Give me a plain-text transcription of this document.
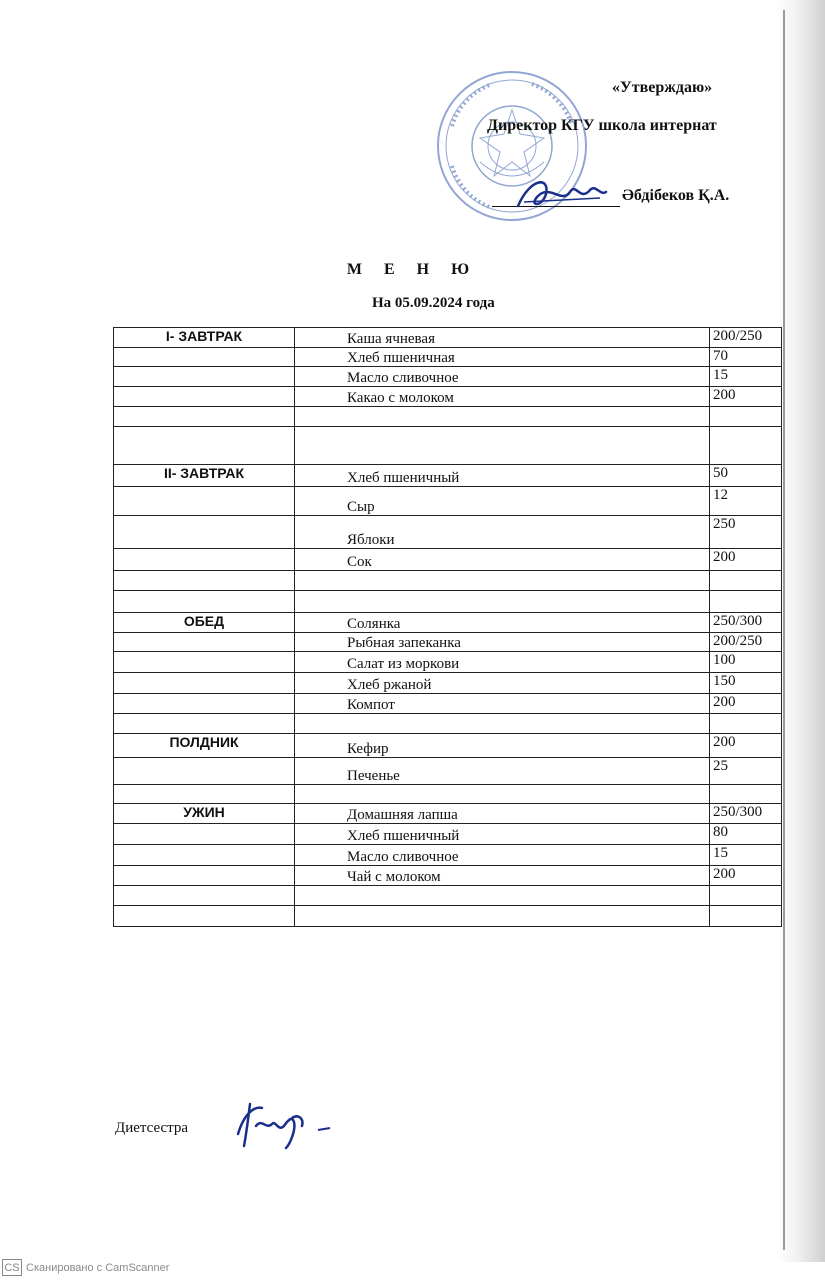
«Утверждаю»
Директор КГУ школа интернат
Әбдібеков Қ.А.
М Е Н Ю
На 05.09.2024 года
I- ЗАВТРАК	Каша ячневая	200/250
	Хлеб пшеничная	70
	Масло сливочное	15
	Какао с молоком	200

II- ЗАВТРАК	Хлеб пшеничный	50
	Сыр	12
	Яблоки	250
	Сок	200

ОБЕД	Солянка	250/300
	Рыбная запеканка	200/250
	Салат из моркови	100
	Хлеб ржаной	150
	Компот	200

ПОЛДНИК	Кефир	200
	Печенье	25

УЖИН	Домашняя лапша	250/300
	Хлеб пшеничный	80
	Масло сливочное	15
	Чай с молоком	200

Диетсестра
CS Сканировано с CamScanner
